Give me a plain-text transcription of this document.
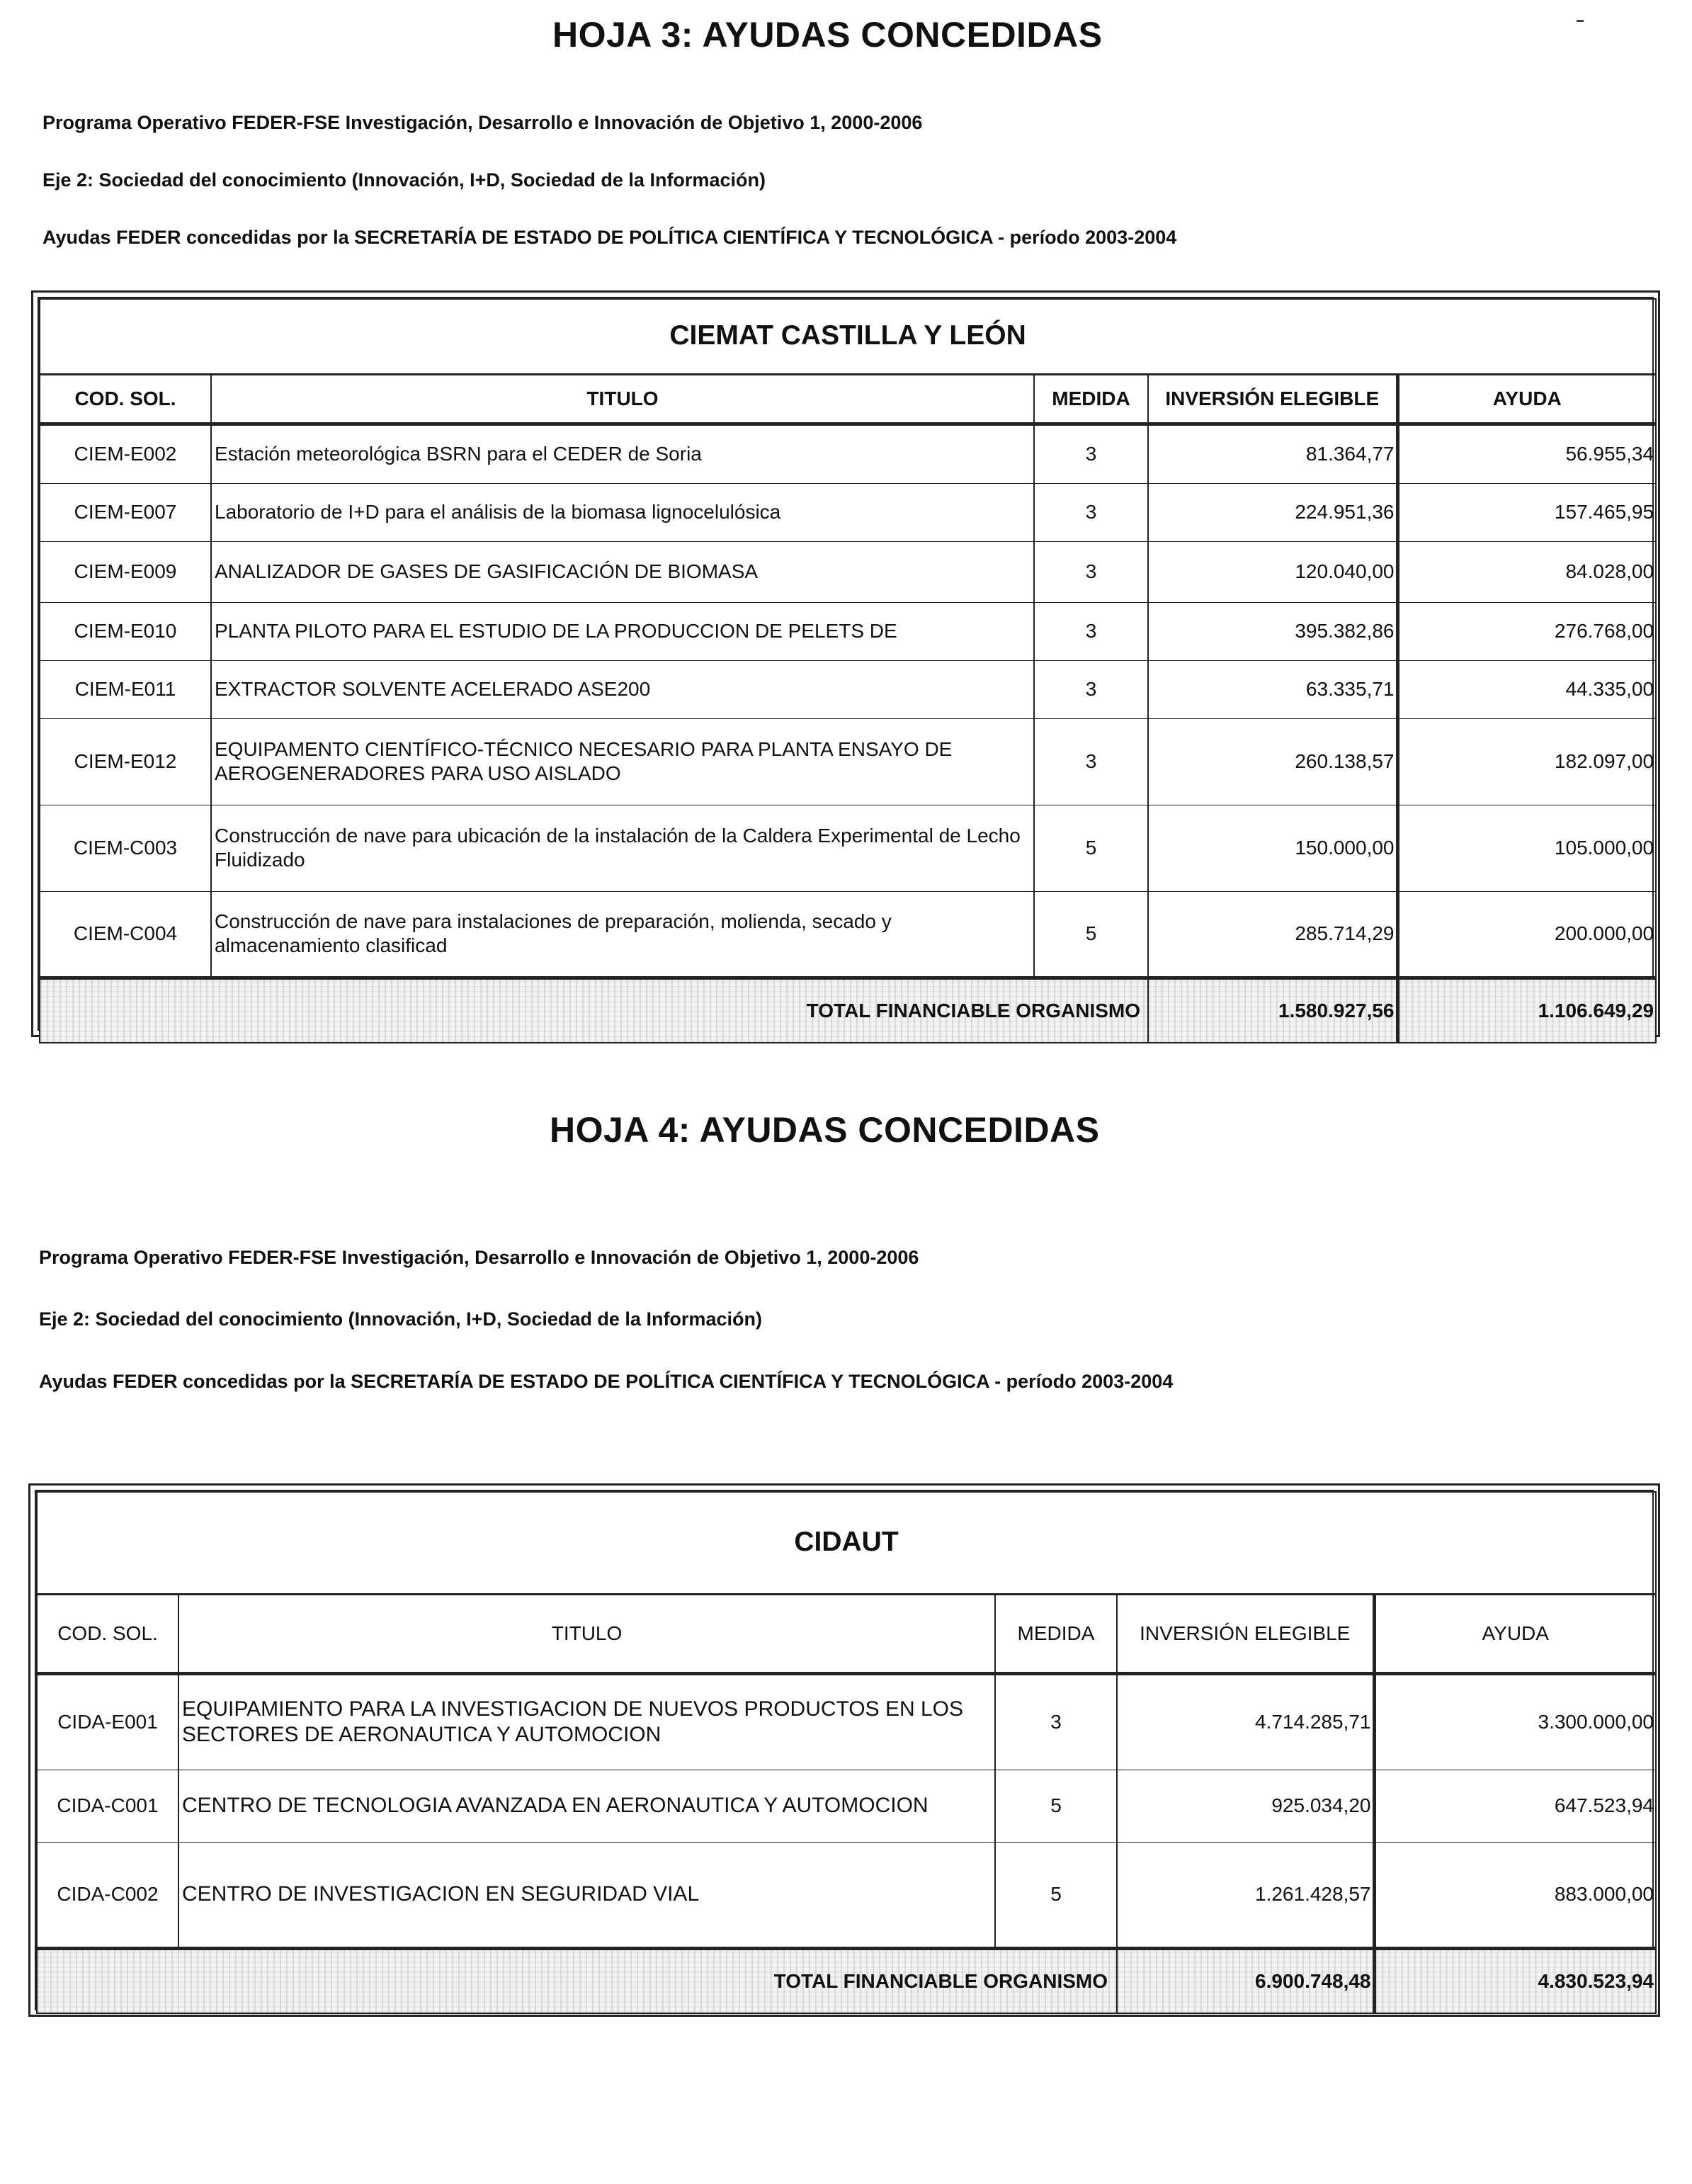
HOJA 3: AYUDAS CONCEDIDAS
Programa Operativo FEDER-FSE Investigación, Desarrollo e Innovación de Objetivo 1, 2000-2006
Eje 2: Sociedad del conocimiento (Innovación, I+D, Sociedad de la Información)
Ayudas FEDER concedidas por la SECRETARÍA DE ESTADO DE POLÍTICA CIENTÍFICA Y TECNOLÓGICA - período 2003-2004
CIEMAT CASTILLA Y LEÓN				
COD. SOL.	TITULO	MEDIDA	INVERSIÓN ELEGIBLE	AYUDA
CIEM-E002	Estación meteorológica BSRN para el CEDER de Soria	3	81.364,77	56.955,34
CIEM-E007	Laboratorio de I+D para el análisis de la biomasa lignocelulósica	3	224.951,36	157.465,95
CIEM-E009	ANALIZADOR DE GASES DE GASIFICACIÓN DE BIOMASA	3	120.040,00	84.028,00
CIEM-E010	PLANTA PILOTO PARA EL ESTUDIO DE LA PRODUCCION DE PELETS DE	3	395.382,86	276.768,00
CIEM-E011	EXTRACTOR SOLVENTE ACELERADO ASE200	3	63.335,71	44.335,00
CIEM-E012	EQUIPAMENTO CIENTÍFICO-TÉCNICO NECESARIO PARA PLANTA ENSAYO DE AEROGENERADORES PARA USO AISLADO	3	260.138,57	182.097,00
CIEM-C003	Construcción de nave para ubicación de la instalación de la Caldera Experimental de Lecho Fluidizado	5	150.000,00	105.000,00
CIEM-C004	Construcción de nave para instalaciones de preparación, molienda, secado y almacenamiento clasificad	5	285.714,29	200.000,00
TOTAL FINANCIABLE ORGANISMO			1.580.927,56	1.106.649,29
HOJA 4: AYUDAS CONCEDIDAS
Programa Operativo FEDER-FSE Investigación, Desarrollo e Innovación de Objetivo 1, 2000-2006
Eje 2: Sociedad del conocimiento (Innovación, I+D, Sociedad de la Información)
Ayudas FEDER concedidas por la SECRETARÍA DE ESTADO DE POLÍTICA CIENTÍFICA Y TECNOLÓGICA - período 2003-2004
CIDAUT				
COD. SOL.	TITULO	MEDIDA	INVERSIÓN ELEGIBLE	AYUDA
CIDA-E001	EQUIPAMIENTO PARA LA INVESTIGACION DE NUEVOS PRODUCTOS EN LOS SECTORES DE AERONAUTICA Y AUTOMOCION	3	4.714.285,71	3.300.000,00
CIDA-C001	CENTRO DE TECNOLOGIA AVANZADA EN AERONAUTICA Y AUTOMOCION	5	925.034,20	647.523,94
CIDA-C002	CENTRO DE INVESTIGACION EN SEGURIDAD VIAL	5	1.261.428,57	883.000,00
TOTAL FINANCIABLE ORGANISMO			6.900.748,48	4.830.523,94
